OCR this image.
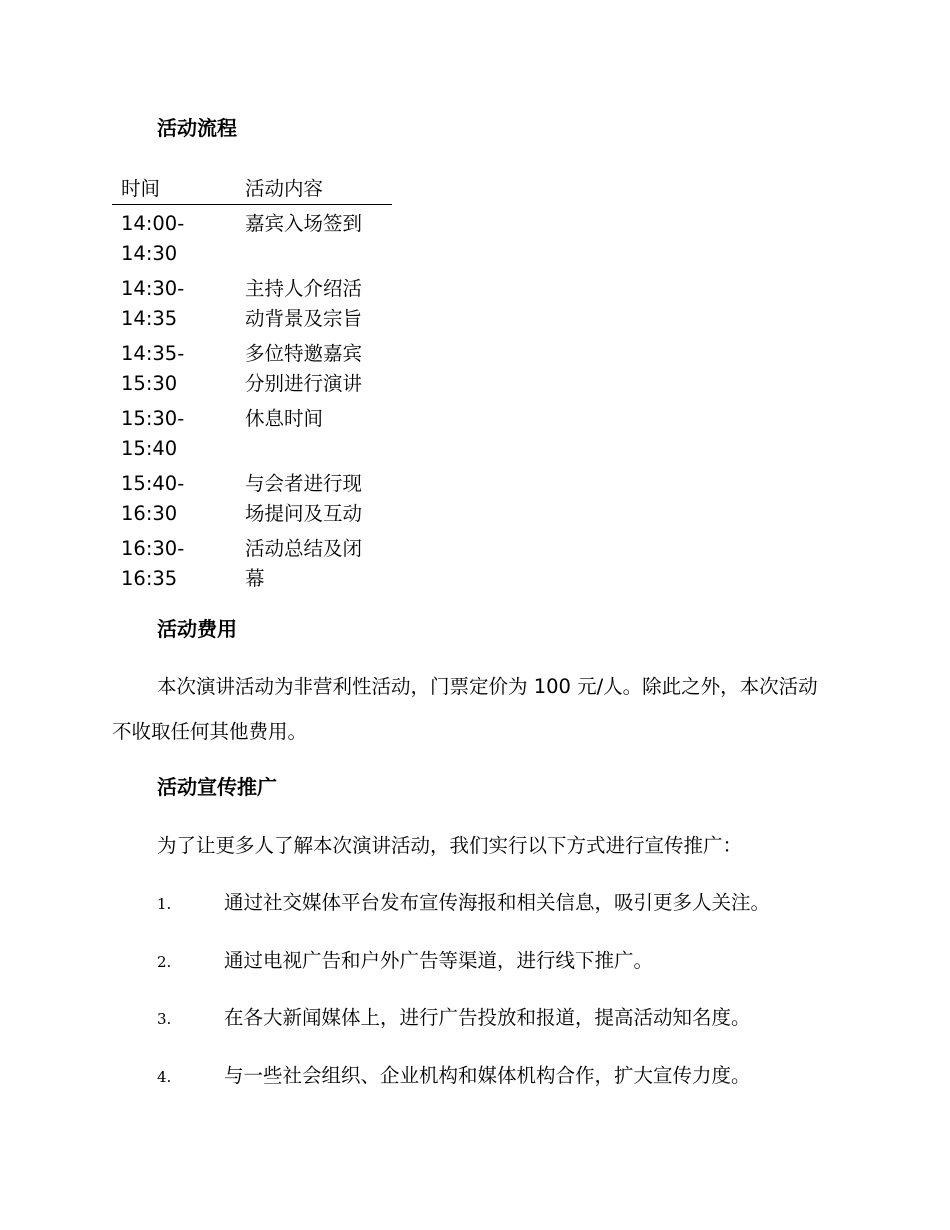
活动流程
时间	活动内容
14:00-14:30	嘉宾入场签到
14:30-14:35	主持人介绍活动背景及宗旨
14:35-15:30	多位特邀嘉宾分别进行演讲
15:30-15:40	休息时间
15:40-16:30	与会者进行现场提问及互动
16:30-16:35	活动总结及闭幕
活动费用

本次演讲活动为非营利性活动，门票定价为 100 元/人。除此之外，本次活动不收取任何其他费用。

活动宣传推广

为了让更多人了解本次演讲活动，我们实行以下方式进行宣传推广：

1.	通过社交媒体平台发布宣传海报和相关信息，吸引更多人关注。
2.	通过电视广告和户外广告等渠道，进行线下推广。
3.	在各大新闻媒体上，进行广告投放和报道，提高活动知名度。
4.	与一些社会组织、企业机构和媒体机构合作，扩大宣传力度。
